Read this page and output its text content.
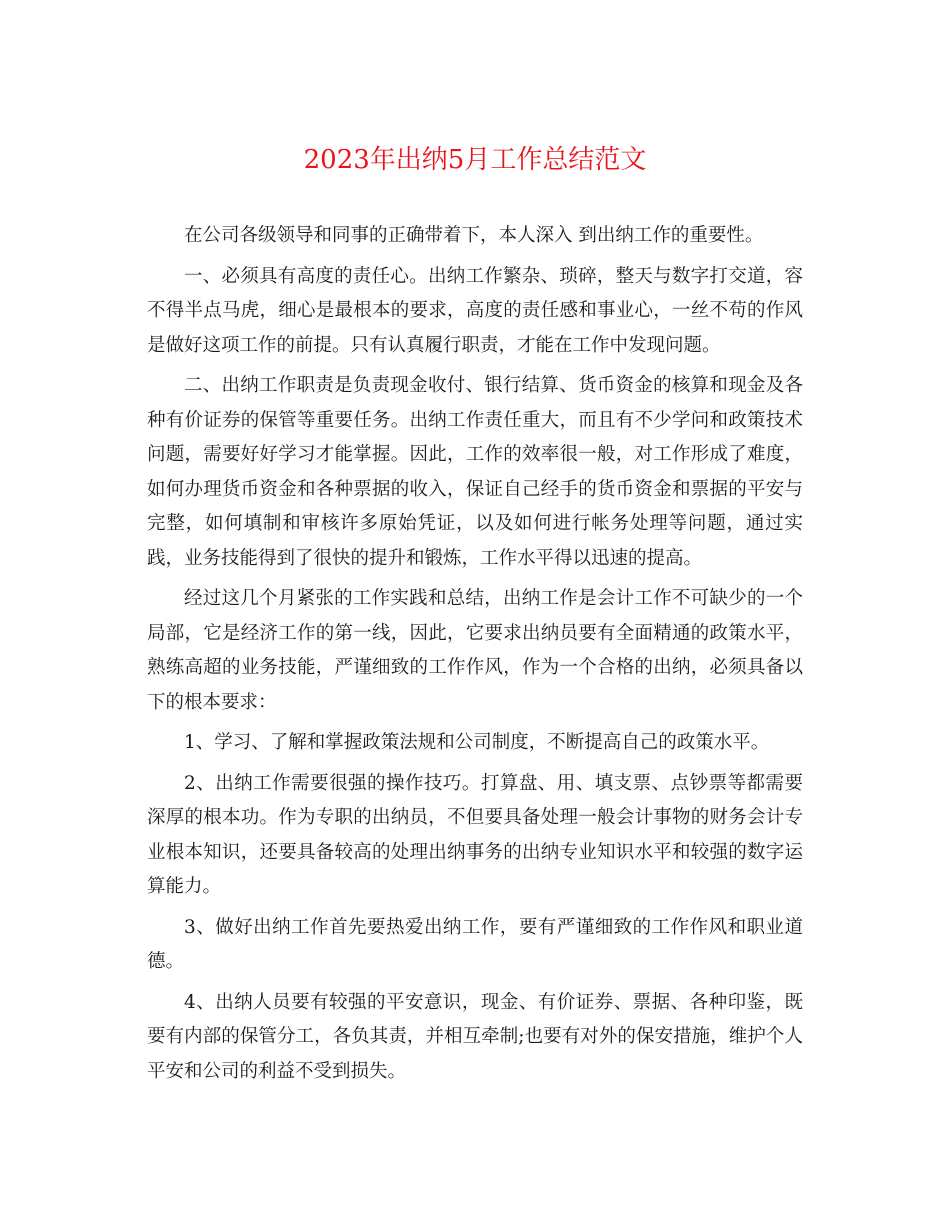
2023年出纳5月工作总结范文

在公司各级领导和同事的正确带着下，本人深入 到出纳工作的重要性。

一、必须具有高度的责任心。出纳工作繁杂、琐碎，整天与数字打交道，容不得半点马虎，细心是最根本的要求，高度的责任感和事业心，一丝不苟的作风是做好这项工作的前提。只有认真履行职责，才能在工作中发现问题。

二、出纳工作职责是负责现金收付、银行结算、货币资金的核算和现金及各种有价证券的保管等重要任务。出纳工作责任重大，而且有不少学问和政策技术问题，需要好好学习才能掌握。因此，工作的效率很一般，对工作形成了难度，如何办理货币资金和各种票据的收入，保证自己经手的货币资金和票据的平安与完整，如何填制和审核许多原始凭证，以及如何进行帐务处理等问题，通过实践，业务技能得到了很快的提升和锻炼，工作水平得以迅速的提高。

经过这几个月紧张的工作实践和总结，出纳工作是会计工作不可缺少的一个局部，它是经济工作的第一线，因此，它要求出纳员要有全面精通的政策水平，熟练高超的业务技能，严谨细致的工作作风，作为一个合格的出纳，必须具备以下的根本要求：

1、学习、了解和掌握政策法规和公司制度，不断提高自己的政策水平。

2、出纳工作需要很强的操作技巧。打算盘、用、填支票、点钞票等都需要深厚的根本功。作为专职的出纳员，不但要具备处理一般会计事物的财务会计专业根本知识，还要具备较高的处理出纳事务的出纳专业知识水平和较强的数字运算能力。

3、做好出纳工作首先要热爱出纳工作，要有严谨细致的工作作风和职业道德。

4、出纳人员要有较强的平安意识，现金、有价证券、票据、各种印鉴，既要有内部的保管分工，各负其责，并相互牵制;也要有对外的保安措施，维护个人平安和公司的利益不受到损失。
